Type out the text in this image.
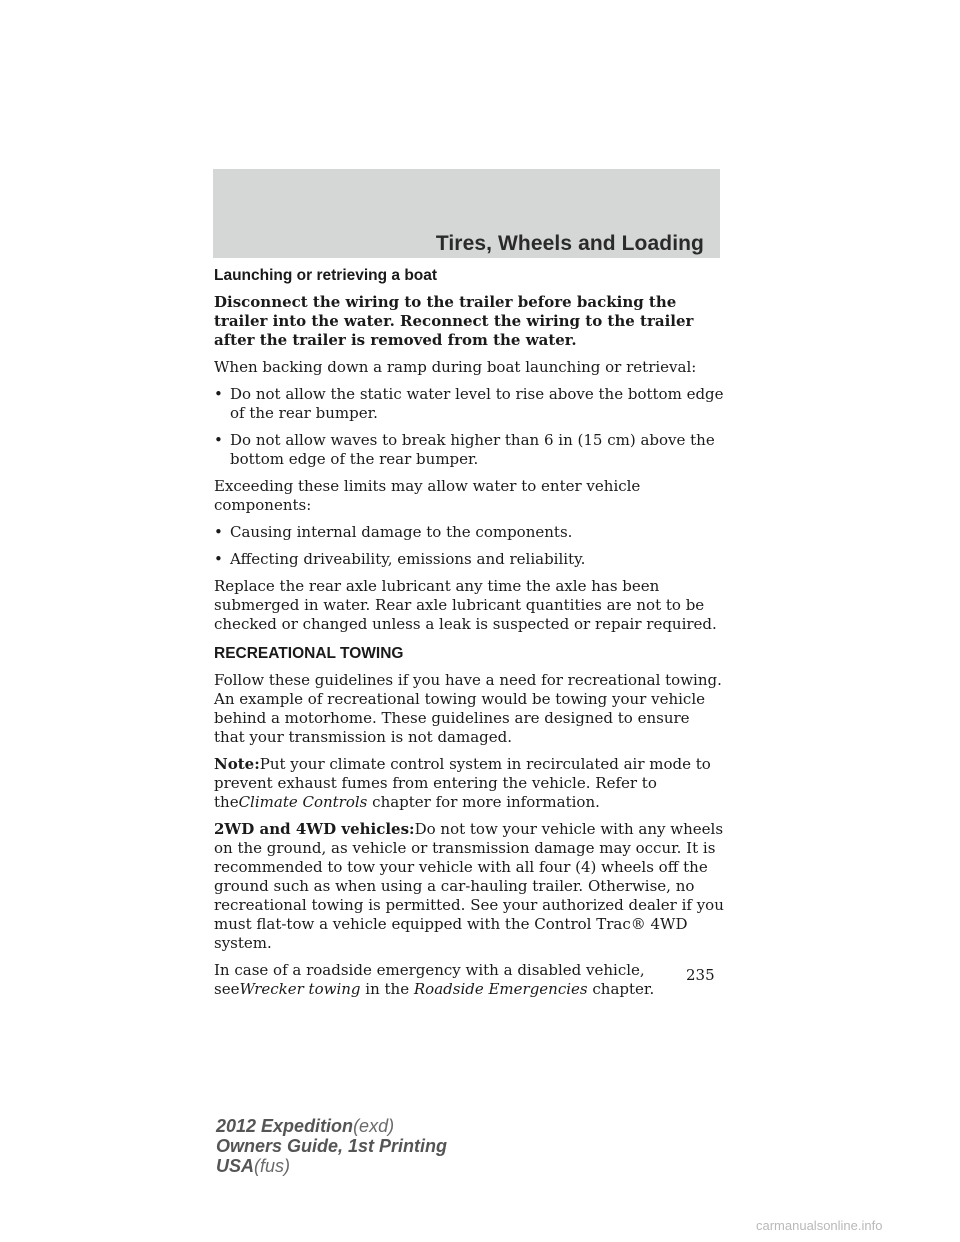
Tires, Wheels and Loading
Launching or retrieving a boat

Disconnect the wiring to the trailer before backing the trailer into the water. Reconnect the wiring to the trailer after the trailer is removed from the water.

When backing down a ramp during boat launching or retrieval:

• Do not allow the static water level to rise above the bottom edge of the rear bumper.
• Do not allow waves to break higher than 6 in (15 cm) above the bottom edge of the rear bumper.

Exceeding these limits may allow water to enter vehicle components:

• Causing internal damage to the components.
• Affecting driveability, emissions and reliability.

Replace the rear axle lubricant any time the axle has been submerged in water. Rear axle lubricant quantities are not to be checked or changed unless a leak is suspected or repair required.

RECREATIONAL TOWING

Follow these guidelines if you have a need for recreational towing. An example of recreational towing would be towing your vehicle behind a motorhome. These guidelines are designed to ensure that your transmission is not damaged.

Note:Put your climate control system in recirculated air mode to prevent exhaust fumes from entering the vehicle. Refer to theClimate Controls chapter for more information.

2WD and 4WD vehicles:Do not tow your vehicle with any wheels on the ground, as vehicle or transmission damage may occur. It is recommended to tow your vehicle with all four (4) wheels off the ground such as when using a car-hauling trailer. Otherwise, no recreational towing is permitted. See your authorized dealer if you must flat-tow a vehicle equipped with the Control Trac® 4WD system.

In case of a roadside emergency with a disabled vehicle, seeWrecker towing in the Roadside Emergencies chapter.

235
2012 Expedition(exd)
Owners Guide, 1st Printing
USA(fus)
carmanualsonline.info
